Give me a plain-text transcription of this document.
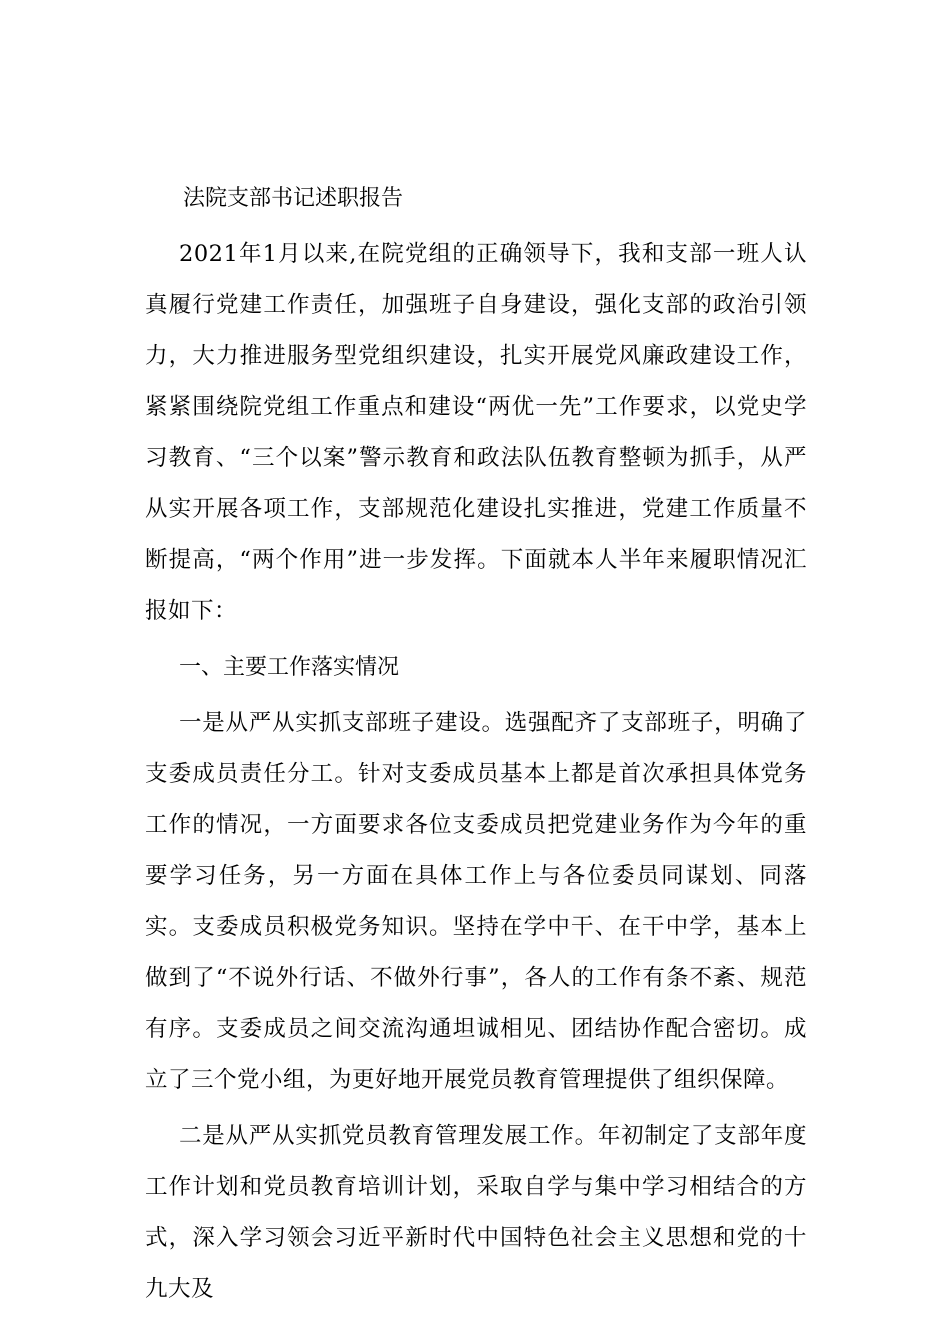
法院支部书记述职报告

2021年1月以来,在院党组的正确领导下，我和支部一班人认真履行党建工作责任，加强班子自身建设，强化支部的政治引领力，大力推进服务型党组织建设，扎实开展党风廉政建设工作，紧紧围绕院党组工作重点和建设“两优一先”工作要求，以党史学习教育、“三个以案”警示教育和政法队伍教育整顿为抓手，从严从实开展各项工作，支部规范化建设扎实推进，党建工作质量不断提高，“两个作用”进一步发挥。下面就本人半年来履职情况汇报如下：

一、主要工作落实情况

一是从严从实抓支部班子建设。选强配齐了支部班子，明确了支委成员责任分工。针对支委成员基本上都是首次承担具体党务工作的情况，一方面要求各位支委成员把党建业务作为今年的重要学习任务，另一方面在具体工作上与各位委员同谋划、同落实。支委成员积极党务知识。坚持在学中干、在干中学，基本上做到了“不说外行话、不做外行事”，各人的工作有条不紊、规范有序。支委成员之间交流沟通坦诚相见、团结协作配合密切。成立了三个党小组，为更好地开展党员教育管理提供了组织保障。

二是从严从实抓党员教育管理发展工作。年初制定了支部年度工作计划和党员教育培训计划，采取自学与集中学习相结合的方式，深入学习领会习近平新时代中国特色社会主义思想和党的十九大及
